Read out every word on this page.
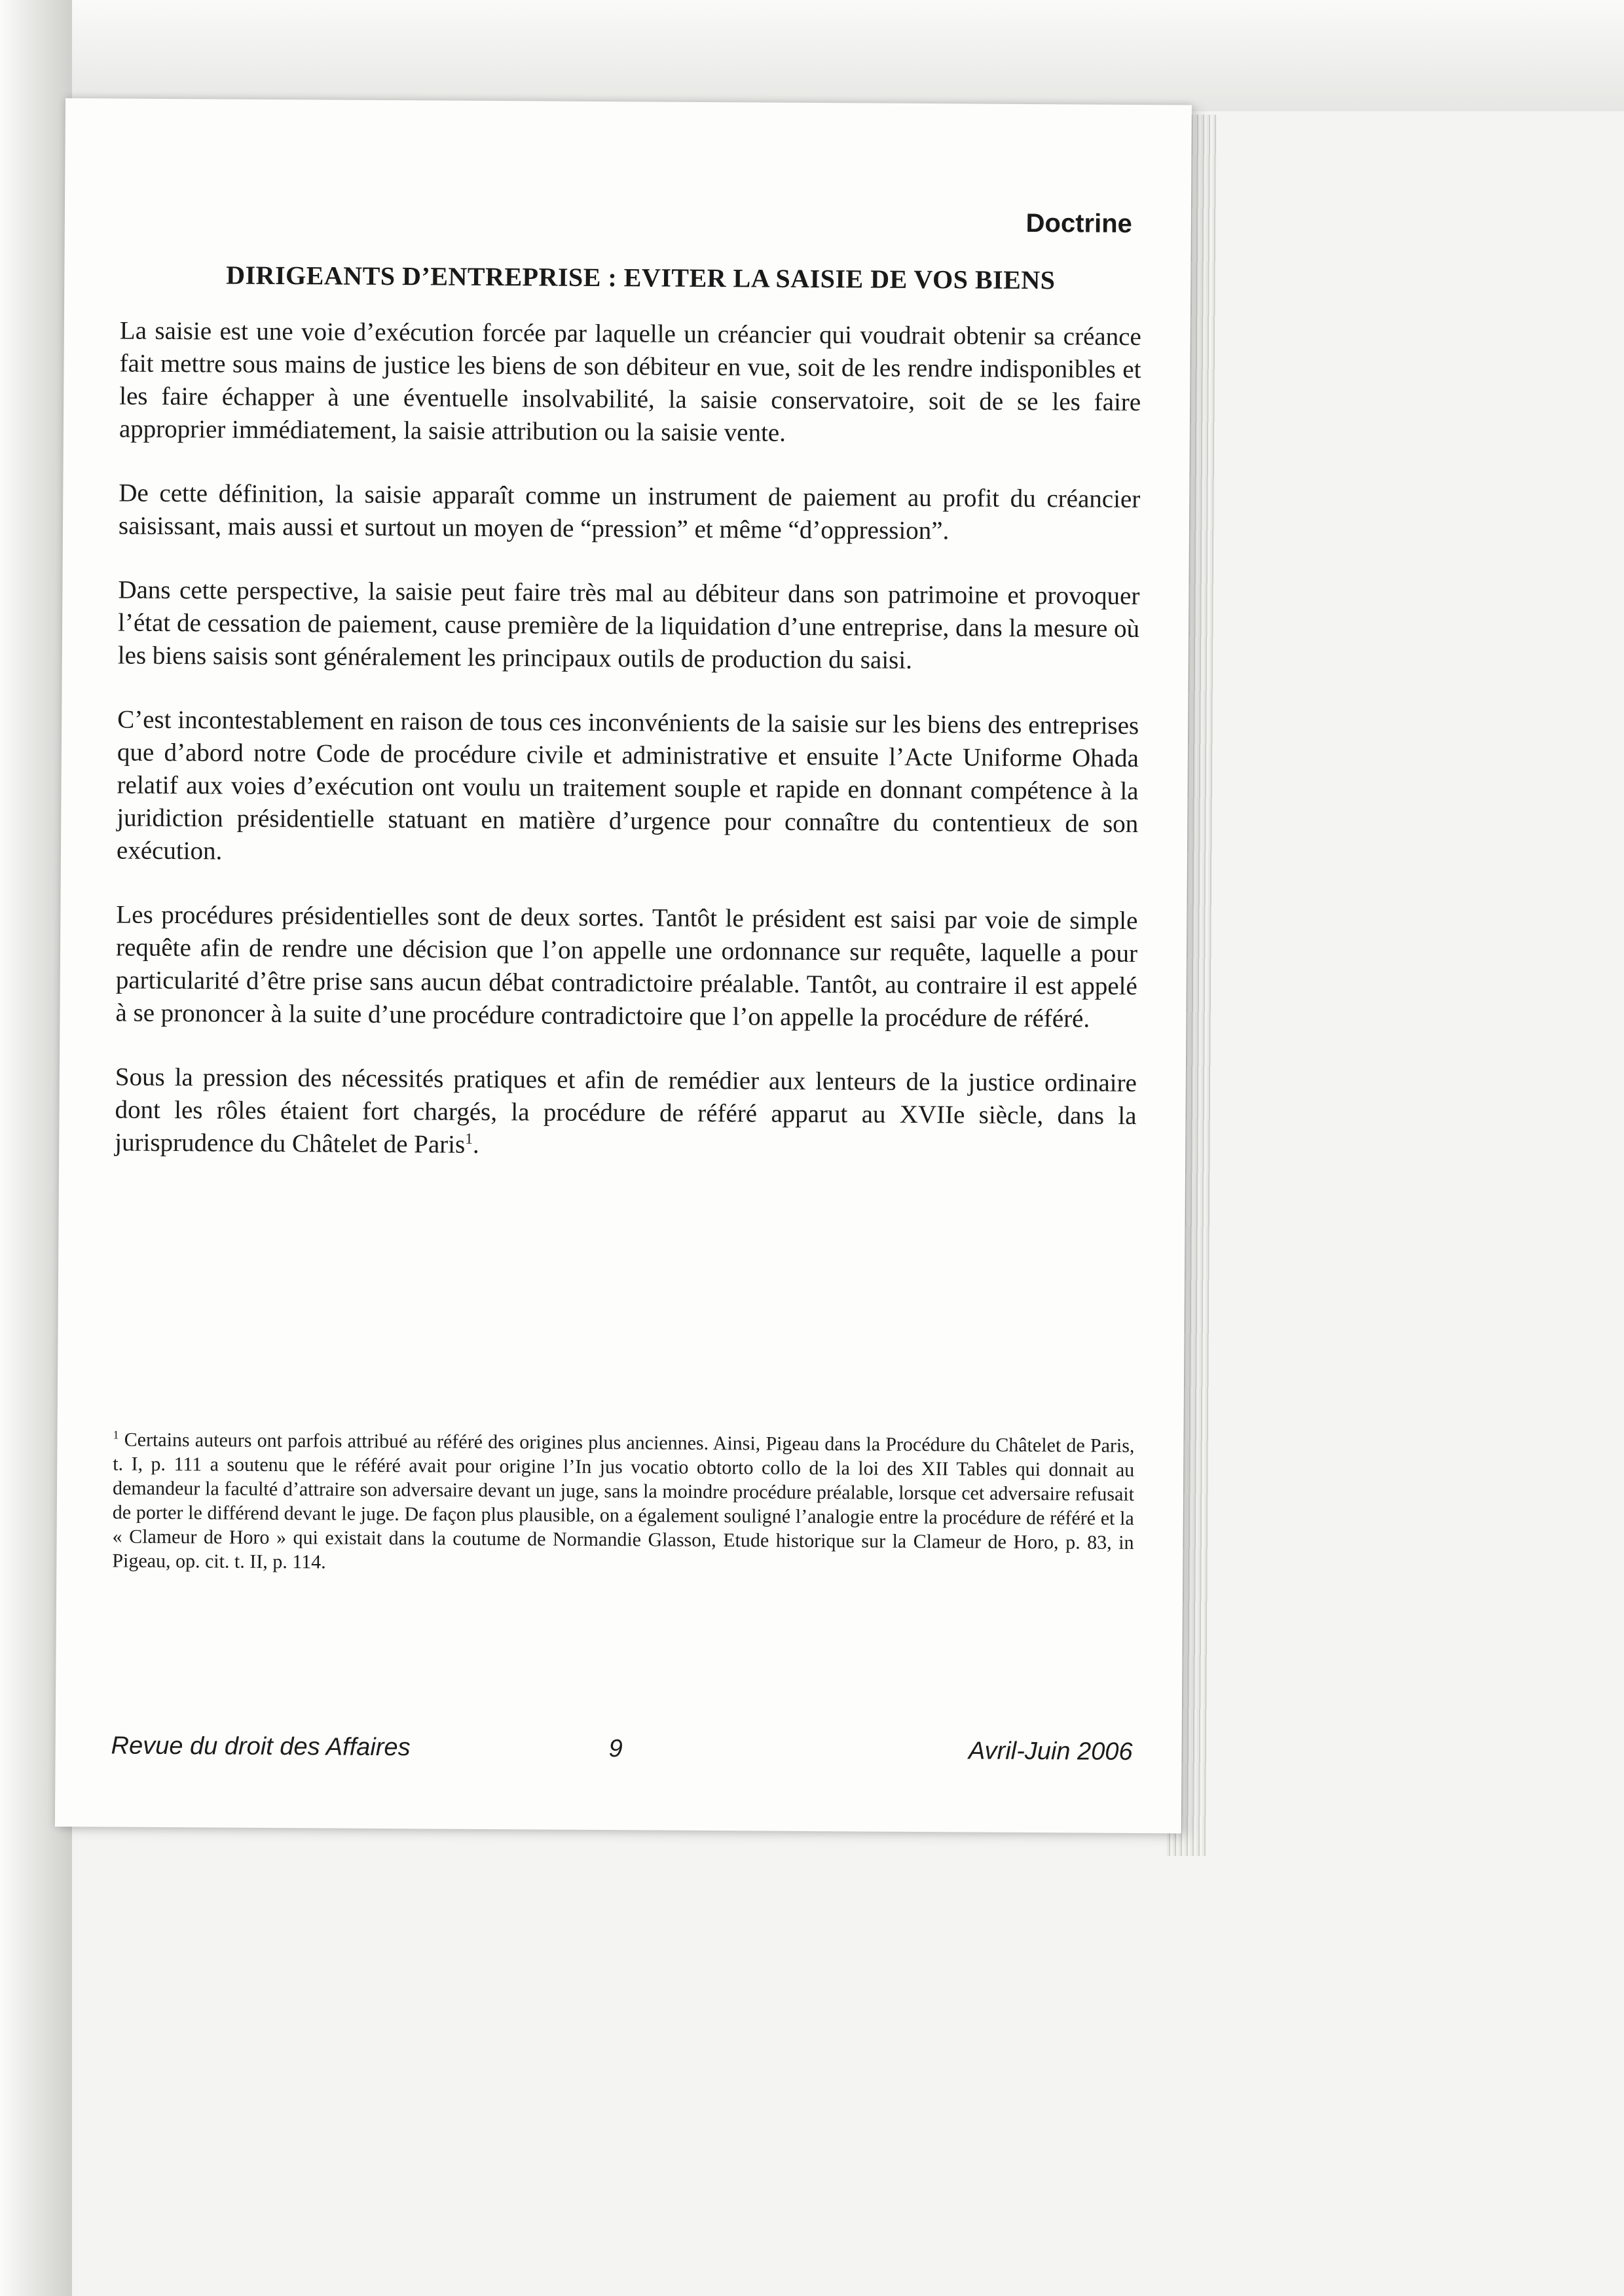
Doctrine
DIRIGEANTS D’ENTREPRISE : EVITER LA SAISIE DE VOS BIENS

La saisie est une voie d’exécution forcée par laquelle un créancier qui voudrait obtenir sa créance fait mettre sous mains de justice les biens de son débiteur en vue, soit de les rendre indisponibles et les faire échapper à une éventuelle insolvabilité, la saisie conservatoire, soit de se les faire approprier immédiatement, la saisie attribution ou la saisie vente.

De cette définition, la saisie apparaît comme un instrument de paiement au profit du créancier saisissant, mais aussi et surtout un moyen de “pression” et même “d’oppression”.

Dans cette perspective, la saisie peut faire très mal au débiteur dans son patrimoine et provoquer l’état de cessation de paiement, cause première de la liquidation d’une entreprise, dans la mesure où les biens saisis sont généralement les principaux outils de production du saisi.

C’est incontestablement en raison de tous ces inconvénients de la saisie sur les biens des entreprises que d’abord notre Code de procédure civile et administrative et ensuite l’Acte Uniforme Ohada relatif aux voies d’exécution ont voulu un traitement souple et rapide en donnant compétence à la juridiction présidentielle statuant en matière d’urgence pour connaître du contentieux de son exécution.

Les procédures présidentielles sont de deux sortes. Tantôt le président est saisi par voie de simple requête afin de rendre une décision que l’on appelle une ordonnance sur requête, laquelle a pour particularité d’être prise sans aucun débat contradictoire préalable. Tantôt, au contraire il est appelé à se prononcer à la suite d’une procédure contradictoire que l’on appelle la procédure de référé.

Sous la pression des nécessités pratiques et afin de remédier aux lenteurs de la justice ordinaire dont les rôles étaient fort chargés, la procédure de référé apparut au XVIIe siècle, dans la jurisprudence du Châtelet de Paris$^1$.

$^1$ Certains auteurs ont parfois attribué au référé des origines plus anciennes. Ainsi, Pigeau dans la Procédure du Châtelet de Paris, t. I, p. 111 a soutenu que le référé avait pour origine l’In jus vocatio obtorto collo de la loi des XII Tables qui donnait au demandeur la faculté d’attraire son adversaire devant un juge, sans la moindre procédure préalable, lorsque cet adversaire refusait de porter le différend devant le juge. De façon plus plausible, on a également souligné l’analogie entre la procédure de référé et la « Clameur de Horo » qui existait dans la coutume de Normandie Glasson, Etude historique sur la Clameur de Horo, p. 83, in Pigeau, op. cit. t. II, p. 114.
Revue du droit des Affaires	9	Avril-Juin 2006
